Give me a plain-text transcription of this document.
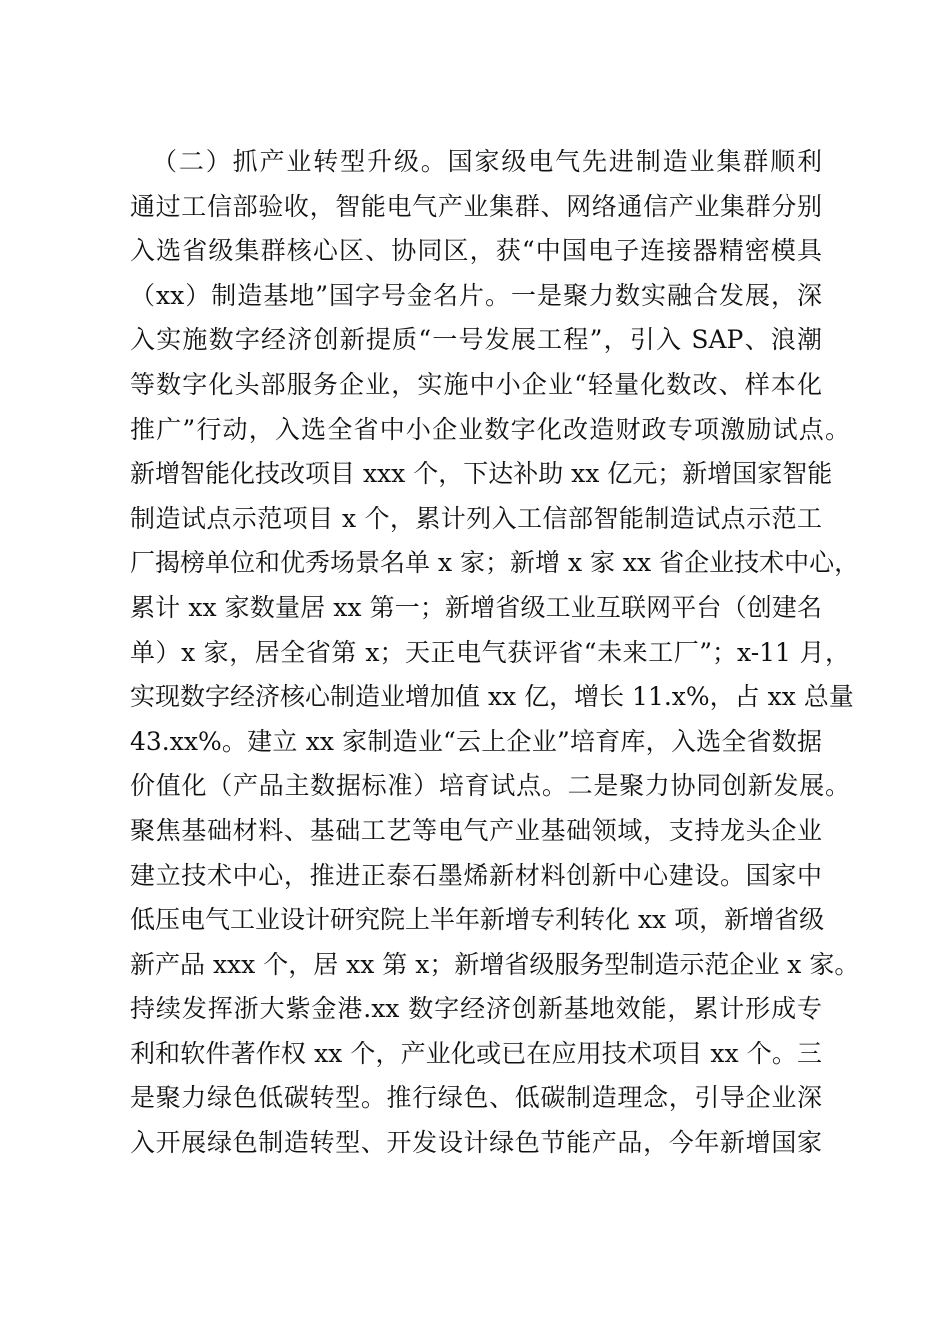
（二）抓产业转型升级。国家级电气先进制造业集群顺利
通过工信部验收，智能电气产业集群、网络通信产业集群分别
入选省级集群核心区、协同区，获“中国电子连接器精密模具
（xx）制造基地”国字号金名片。一是聚力数实融合发展，深
入实施数字经济创新提质“一号发展工程”，引入 SAP、浪潮
等数字化头部服务企业，实施中小企业“轻量化数改、样本化
推广”行动，入选全省中小企业数字化改造财政专项激励试点。
新增智能化技改项目 xxx 个，下达补助 xx 亿元；新增国家智能
制造试点示范项目 x 个，累计列入工信部智能制造试点示范工
厂揭榜单位和优秀场景名单 x 家；新增 x 家 xx 省企业技术中心，
累计 xx 家数量居 xx 第一；新增省级工业互联网平台（创建名
单）x 家，居全省第 x；天正电气获评省“未来工厂”；x-11 月，
实现数字经济核心制造业增加值 xx 亿，增长 11.x%，占 xx 总量
43.xx%。建立 xx 家制造业“云上企业”培育库，入选全省数据
价值化（产品主数据标准）培育试点。二是聚力协同创新发展。
聚焦基础材料、基础工艺等电气产业基础领域，支持龙头企业
建立技术中心，推进正泰石墨烯新材料创新中心建设。国家中
低压电气工业设计研究院上半年新增专利转化 xx 项，新增省级
新产品 xxx 个，居 xx 第 x；新增省级服务型制造示范企业 x 家。
持续发挥浙大紫金港.xx 数字经济创新基地效能，累计形成专
利和软件著作权 xx 个，产业化或已在应用技术项目 xx 个。三
是聚力绿色低碳转型。推行绿色、低碳制造理念，引导企业深
入开展绿色制造转型、开发设计绿色节能产品，今年新增国家
